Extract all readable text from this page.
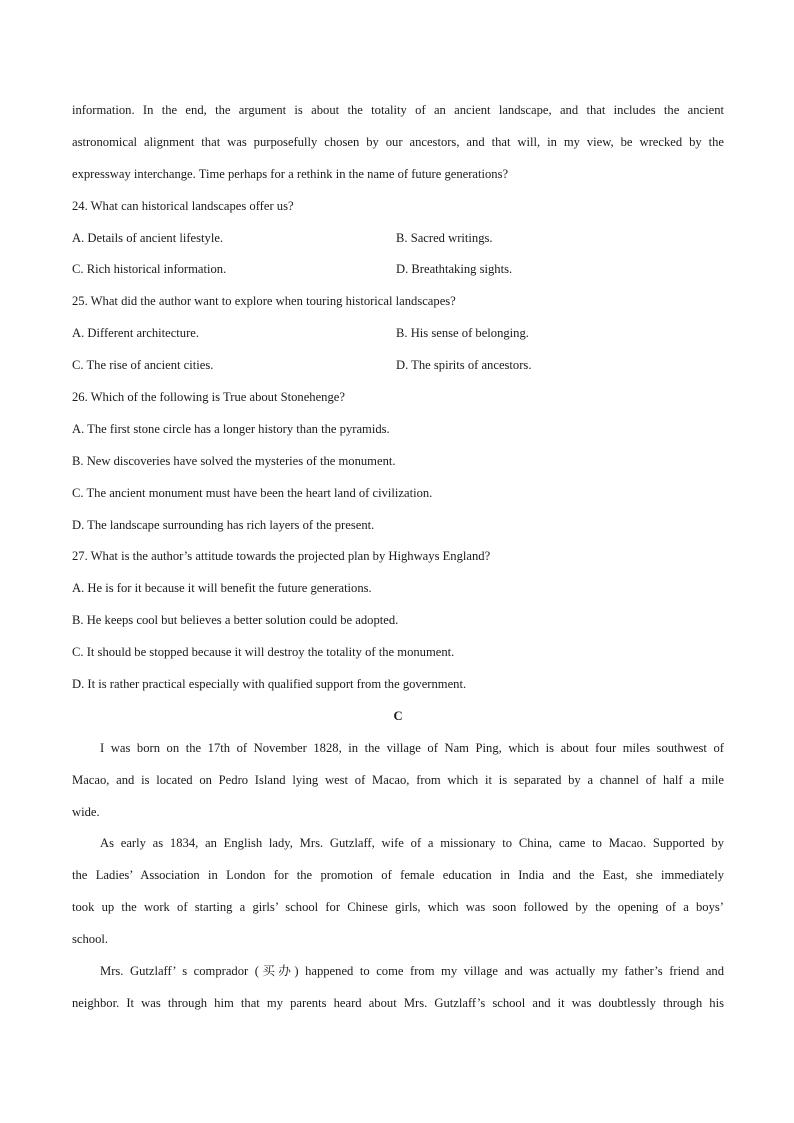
information. In the end, the argument is about the totality of an ancient landscape, and that includes the ancient
astronomical alignment that was purposefully chosen by our ancestors, and that will, in my view, be wrecked by the
expressway interchange. Time perhaps for a rethink in the name of future generations?
24. What can historical landscapes offer us?
A. Details of ancient lifestyle.	B. Sacred writings.
C. Rich historical information.	D. Breathtaking sights.
25. What did the author want to explore when touring historical landscapes?
A. Different architecture.	B. His sense of belonging.
C. The rise of ancient cities.	D. The spirits of ancestors.
26. Which of the following is True about Stonehenge?
A. The first stone circle has a longer history than the pyramids.
B. New discoveries have solved the mysteries of the monument.
C. The ancient monument must have been the heart land of civilization.
D. The landscape surrounding has rich layers of the present.
27. What is the author’s attitude towards the projected plan by Highways England?
A. He is for it because it will benefit the future generations.
B. He keeps cool but believes a better solution could be adopted.
C. It should be stopped because it will destroy the totality of the monument.
D. It is rather practical especially with qualified support from the government.
C
I was born on the 17th of November 1828, in the village of Nam Ping, which is about four miles southwest of
Macao, and is located on Pedro Island lying west of Macao, from which it is separated by a channel of half a mile
wide.
As early as 1834, an English lady, Mrs. Gutzlaff, wife of a missionary to China, came to Macao. Supported by
the Ladies’ Association in London for the promotion of female education in India and the East, she immediately
took up the work of starting a girls’ school for Chinese girls, which was soon followed by the opening of a boys’
school.
Mrs. Gutzlaff’ s comprador (买办) happened to come from my village and was actually my father’s friend and
neighbor. It was through him that my parents heard about Mrs. Gutzlaff’s school and it was doubtlessly through his
